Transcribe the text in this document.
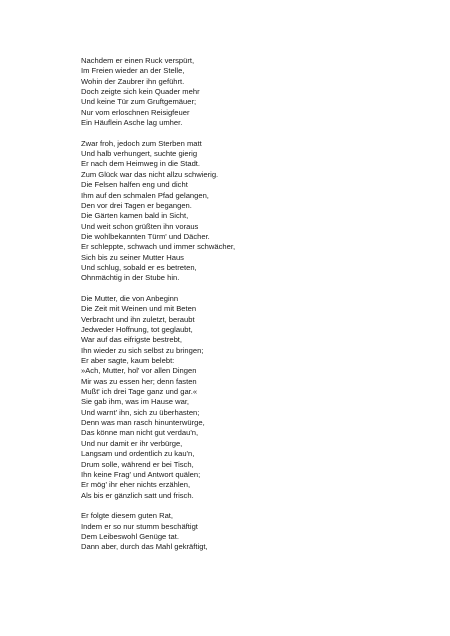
Nachdem er einen Ruck verspürt,
Im Freien wieder an der Stelle,
Wohin der Zaubrer ihn geführt.
Doch zeigte sich kein Quader mehr
Und keine Tür zum Gruftgemäuer;
Nur vom erloschnen Reisigfeuer
Ein Häuflein Asche lag umher.
Zwar froh, jedoch zum Sterben matt
Und halb verhungert, suchte gierig
Er nach dem Heimweg in die Stadt.
Zum Glück war das nicht allzu schwierig.
Die Felsen halfen eng und dicht
Ihm auf den schmalen Pfad gelangen,
Den vor drei Tagen er begangen.
Die Gärten kamen bald in Sicht,
Und weit schon grüßten ihn voraus
Die wohlbekannten Türm' und Dächer.
Er schleppte, schwach und immer schwächer,
Sich bis zu seiner Mutter Haus
Und schlug, sobald er es betreten,
Ohnmächtig in der Stube hin.
Die Mutter, die von Anbeginn
Die Zeit mit Weinen und mit Beten
Verbracht und ihn zuletzt, beraubt
Jedweder Hoffnung, tot geglaubt,
War auf das eifrigste bestrebt,
Ihn wieder zu sich selbst zu bringen;
Er aber sagte, kaum belebt:
»Ach, Mutter, hol' vor allen Dingen
Mir was zu essen her; denn fasten
Mußt' ich drei Tage ganz und gar.«
Sie gab ihm, was im Hause war,
Und warnt' ihn, sich zu überhasten;
Denn was man rasch hinunterwürge,
Das könne man nicht gut verdau'n,
Und nur damit er ihr verbürge,
Langsam und ordentlich zu kau'n,
Drum solle, während er bei Tisch,
Ihn keine Frag' und Antwort quälen;
Er mög' ihr eher nichts erzählen,
Als bis er gänzlich satt und frisch.
Er folgte diesem guten Rat,
Indem er so nur stumm beschäftigt
Dem Leibeswohl Genüge tat.
Dann aber, durch das Mahl gekräftigt,
